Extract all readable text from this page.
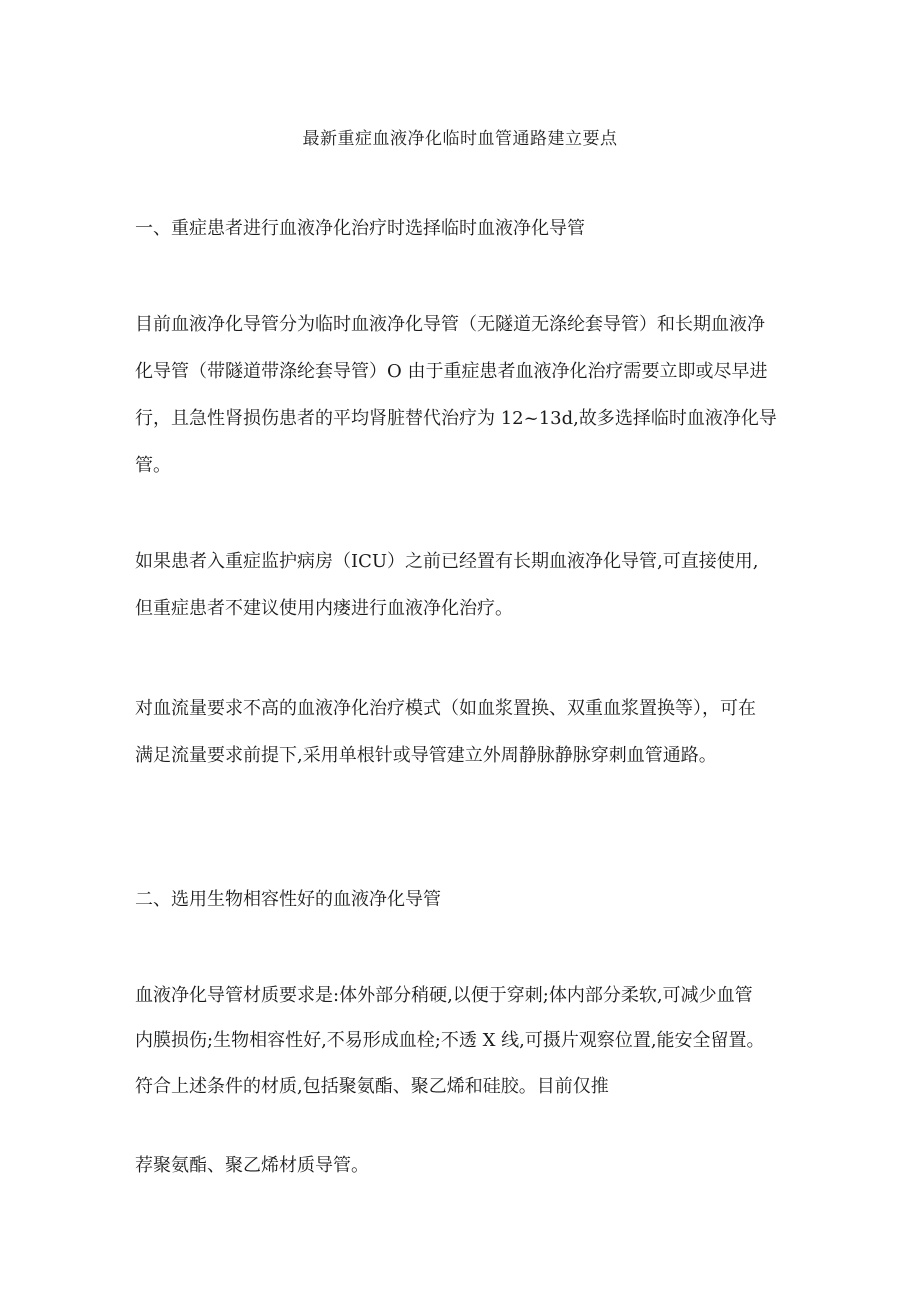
最新重症血液净化临时血管通路建立要点
一、重症患者进行血液净化治疗时选择临时血液净化导管
目前血液净化导管分为临时血液净化导管（无隧道无涤纶套导管）和长期血液净
化导管（带隧道带涤纶套导管）O 由于重症患者血液净化治疗需要立即或尽早进
行，且急性肾损伤患者的平均肾脏替代治疗为 12~13d,故多选择临时血液净化导
管。
如果患者入重症监护病房（ICU）之前已经置有长期血液净化导管,可直接使用,
但重症患者不建议使用内瘘进行血液净化治疗。
对血流量要求不高的血液净化治疗模式（如血浆置换、双重血浆置换等），可在
满足流量要求前提下,采用单根针或导管建立外周静脉静脉穿刺血管通路。
二、选用生物相容性好的血液净化导管
血液净化导管材质要求是:体外部分稍硬,以便于穿刺;体内部分柔软,可减少血管
内膜损伤;生物相容性好,不易形成血栓;不透 X 线,可摄片观察位置,能安全留置。
符合上述条件的材质,包括聚氨酯、聚乙烯和硅胶。目前仅推
荐聚氨酯、聚乙烯材质导管。
